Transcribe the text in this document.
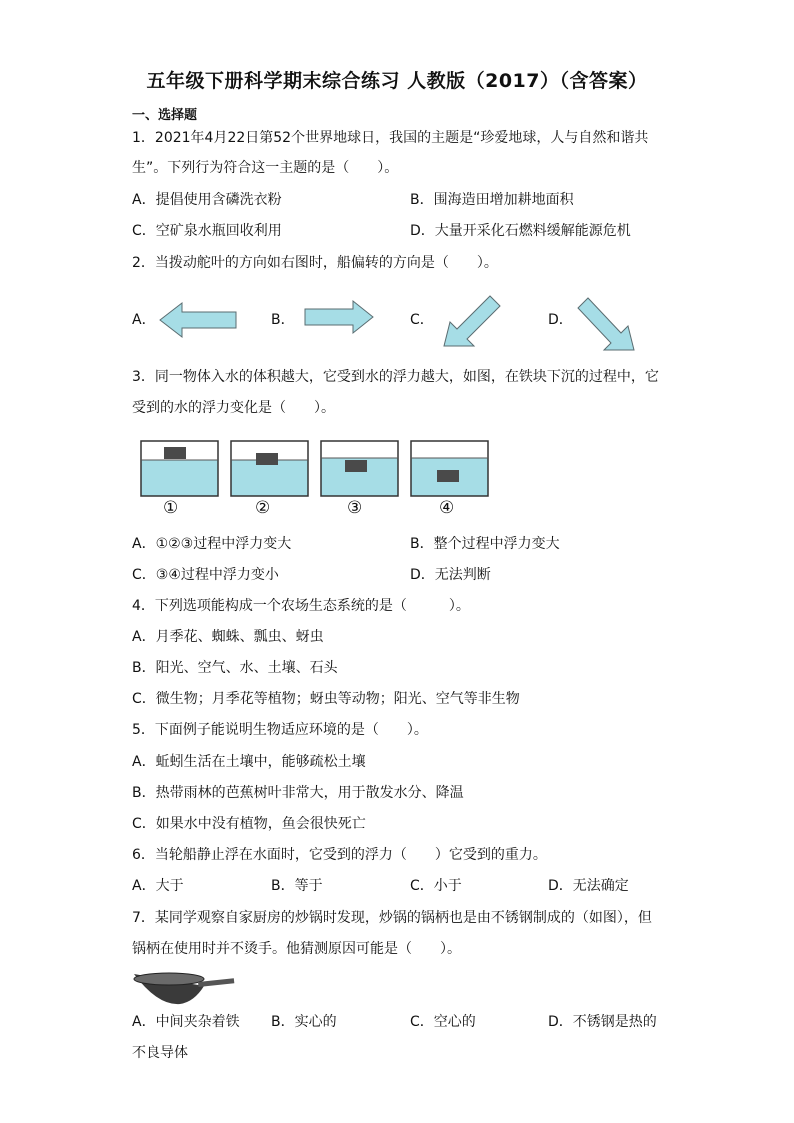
五年级下册科学期末综合练习 人教版（2017）（含答案）
一、选择题
1．2021年4月22日第52个世界地球日，我国的主题是“珍爱地球，人与自然和谐共
生”。下列行为符合这一主题的是（　　）。
A．提倡使用含磷洗衣粉	B．围海造田增加耕地面积
C．空矿泉水瓶回收利用	D．大量开采化石燃料缓解能源危机
2．当拨动舵叶的方向如右图时，船偏转的方向是（　　）。
A．	B．	C．	D．
3．同一物体入水的体积越大，它受到水的浮力越大，如图，在铁块下沉的过程中，它
受到的水的浮力变化是（　　）。
①	②	③	④
A．①②③过程中浮力变大	B．整个过程中浮力变大
C．③④过程中浮力变小	D．无法判断
4．下列选项能构成一个农场生态系统的是（　　　）。
A．月季花、蜘蛛、瓢虫、蚜虫
B．阳光、空气、水、土壤、石头
C．微生物；月季花等植物；蚜虫等动物；阳光、空气等非生物
5．下面例子能说明生物适应环境的是（　　）。
A．蚯蚓生活在土壤中，能够疏松土壤
B．热带雨林的芭蕉树叶非常大，用于散发水分、降温
C．如果水中没有植物，鱼会很快死亡
6．当轮船静止浮在水面时，它受到的浮力（　　）它受到的重力。
A．大于	B．等于	C．小于	D．无法确定
7．某同学观察自家厨房的炒锅时发现，炒锅的锅柄也是由不锈钢制成的（如图），但
锅柄在使用时并不烫手。他猜测原因可能是（　　）。
A．中间夹杂着铁 B．实心的	C．空心的	D．不锈钢是热的
不良导体
